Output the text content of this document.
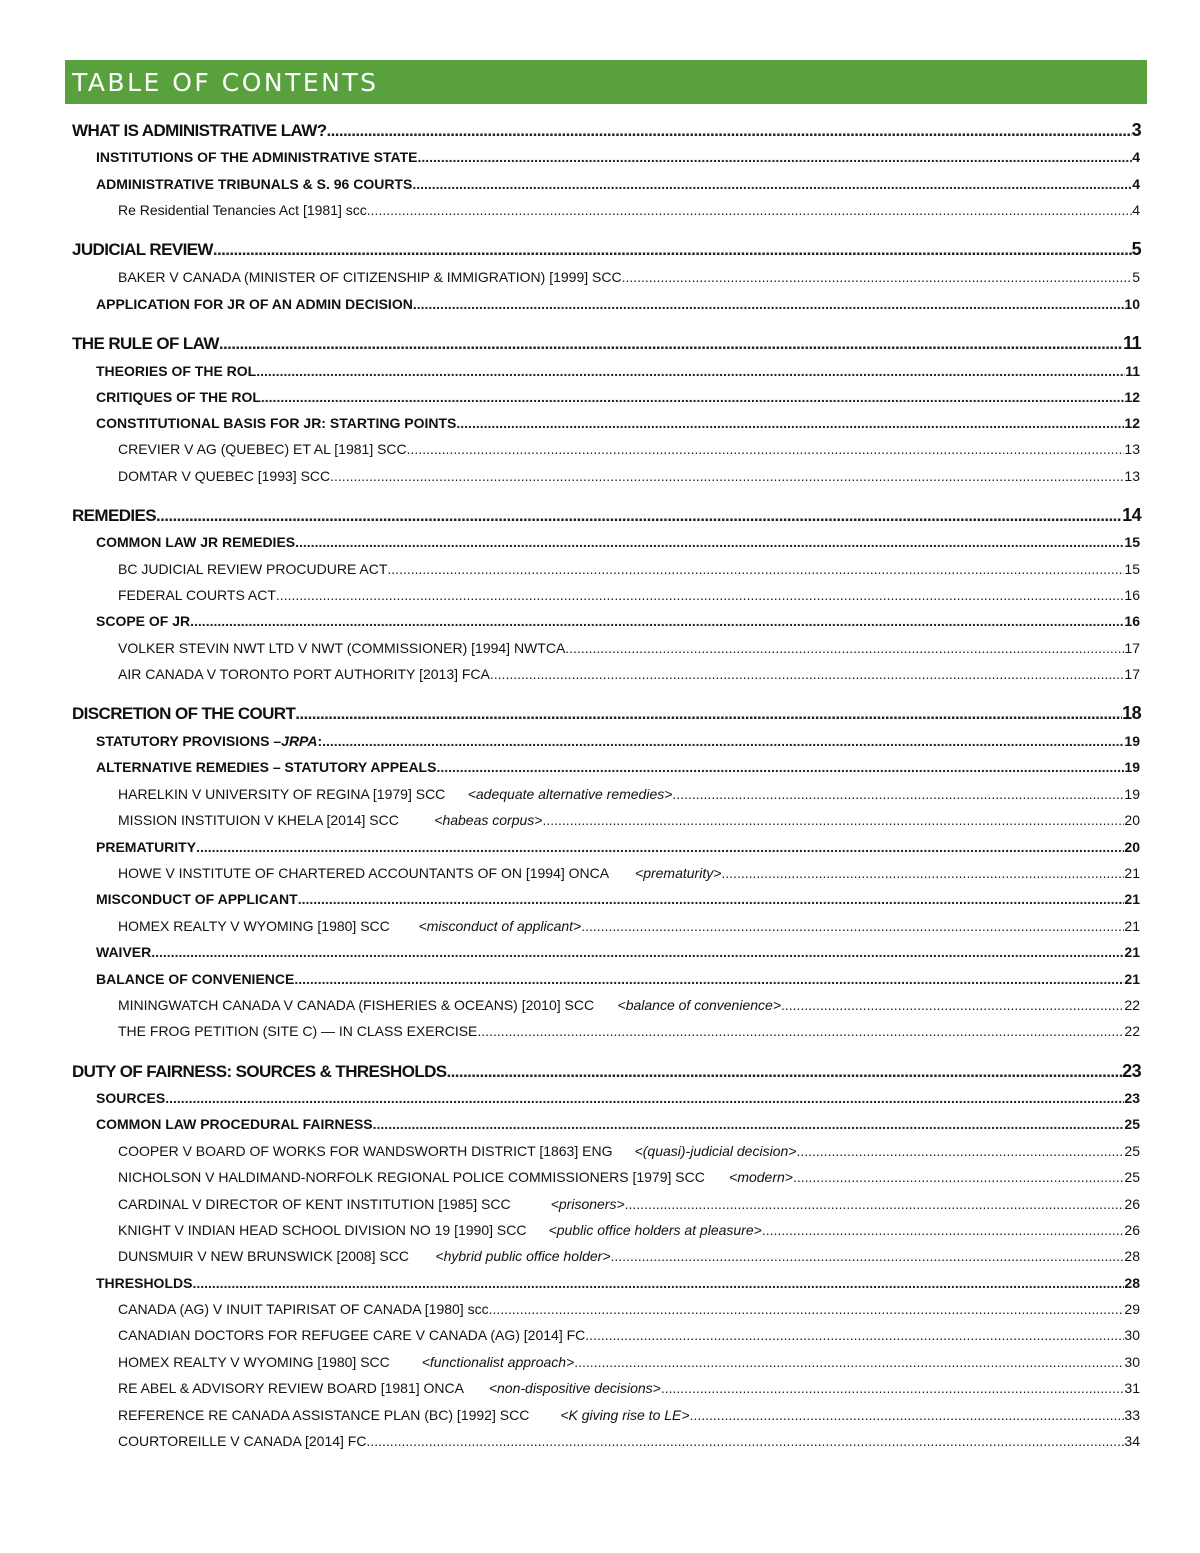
TABLE OF CONTENTS
WHAT IS ADMINISTRATIVE LAW? .....	3
INSTITUTIONS OF THE ADMINISTRATIVE STATE .....	4
ADMINISTRATIVE TRIBUNALS & S. 96 COURTS .....	4
Re Residential Tenancies Act [1981] scc .....	4
JUDICIAL REVIEW .....	5
BAKER V CANADA (MINISTER OF CITIZENSHIP & IMMIGRATION) [1999] SCC .....	5
APPLICATION FOR JR OF AN ADMIN DECISION .....	10
THE RULE OF LAW .....	11
THEORIES OF THE ROL .....	11
CRITIQUES OF THE ROL .....	12
CONSTITUTIONAL BASIS FOR JR: STARTING POINTS .....	12
CREVIER V AG (QUEBEC) ET AL [1981] SCC .....	13
DOMTAR V QUEBEC [1993] SCC .....	13
REMEDIES .....	14
COMMON LAW JR REMEDIES .....	15
BC JUDICIAL REVIEW PROCUDURE ACT .....	15
FEDERAL COURTS ACT .....	16
SCOPE OF JR .....	16
VOLKER STEVIN NWT LTD V NWT (COMMISSIONER) [1994] NWTCA .....	17
AIR CANADA V TORONTO PORT AUTHORITY [2013] FCA .....	17
DISCRETION OF THE COURT .....	18
STATUTORY PROVISIONS – JRPA : .....	19
ALTERNATIVE REMEDIES – STATUTORY APPEALS .....	19
HARELKIN V UNIVERSITY OF REGINA [1979] SCC <adequate alternative remedies> .....	19
MISSION INSTITUION V KHELA [2014] SCC	<habeas corpus> .....	20
PREMATURITY .....	20
HOWE V INSTITUTE OF CHARTERED ACCOUNTANTS OF ON [1994] ONCA <prematurity> .....	21
MISCONDUCT OF APPLICANT .....	21
HOMEX REALTY V WYOMING [1980] SCC <misconduct of applicant> .....	21
WAIVER .....	21
BALANCE OF CONVENIENCE .....	21
MININGWATCH CANADA V CANADA (FISHERIES & OCEANS) [2010] SCC <balance of convenience> .....	22
THE FROG PETITION (SITE C) — IN CLASS EXERCISE .....	22
DUTY OF FAIRNESS: SOURCES & THRESHOLDS .....	23
SOURCES .....	23
COMMON LAW PROCEDURAL FAIRNESS .....	25
COOPER V BOARD OF WORKS FOR WANDSWORTH DISTRICT [1863] ENG <(quasi)-judicial decision> .....	25
NICHOLSON V HALDIMAND-NORFOLK REGIONAL POLICE COMMISSIONERS [1979] SCC <modern> .....	25
CARDINAL V DIRECTOR OF KENT INSTITUTION [1985] SCC	<prisoners> .....	26
KNIGHT V INDIAN HEAD SCHOOL DIVISION NO 19 [1990] SCC <public office holders at pleasure> .....	26
DUNSMUIR V NEW BRUNSWICK [2008] SCC <hybrid public office holder> .....	28
THRESHOLDS .....	28
CANADA (AG) V INUIT TAPIRISAT OF CANADA [1980] scc .....	29
CANADIAN DOCTORS FOR REFUGEE CARE V CANADA (AG) [2014] FC .....	30
HOMEX REALTY V WYOMING [1980] SCC <functionalist approach> .....	30
RE ABEL & ADVISORY REVIEW BOARD [1981] ONCA <non-dispositive decisions> .....	31
REFERENCE RE CANADA ASSISTANCE PLAN (BC) [1992] SCC <K giving rise to LE> .....	33
COURTOREILLE V CANADA [2014] FC .....	34
